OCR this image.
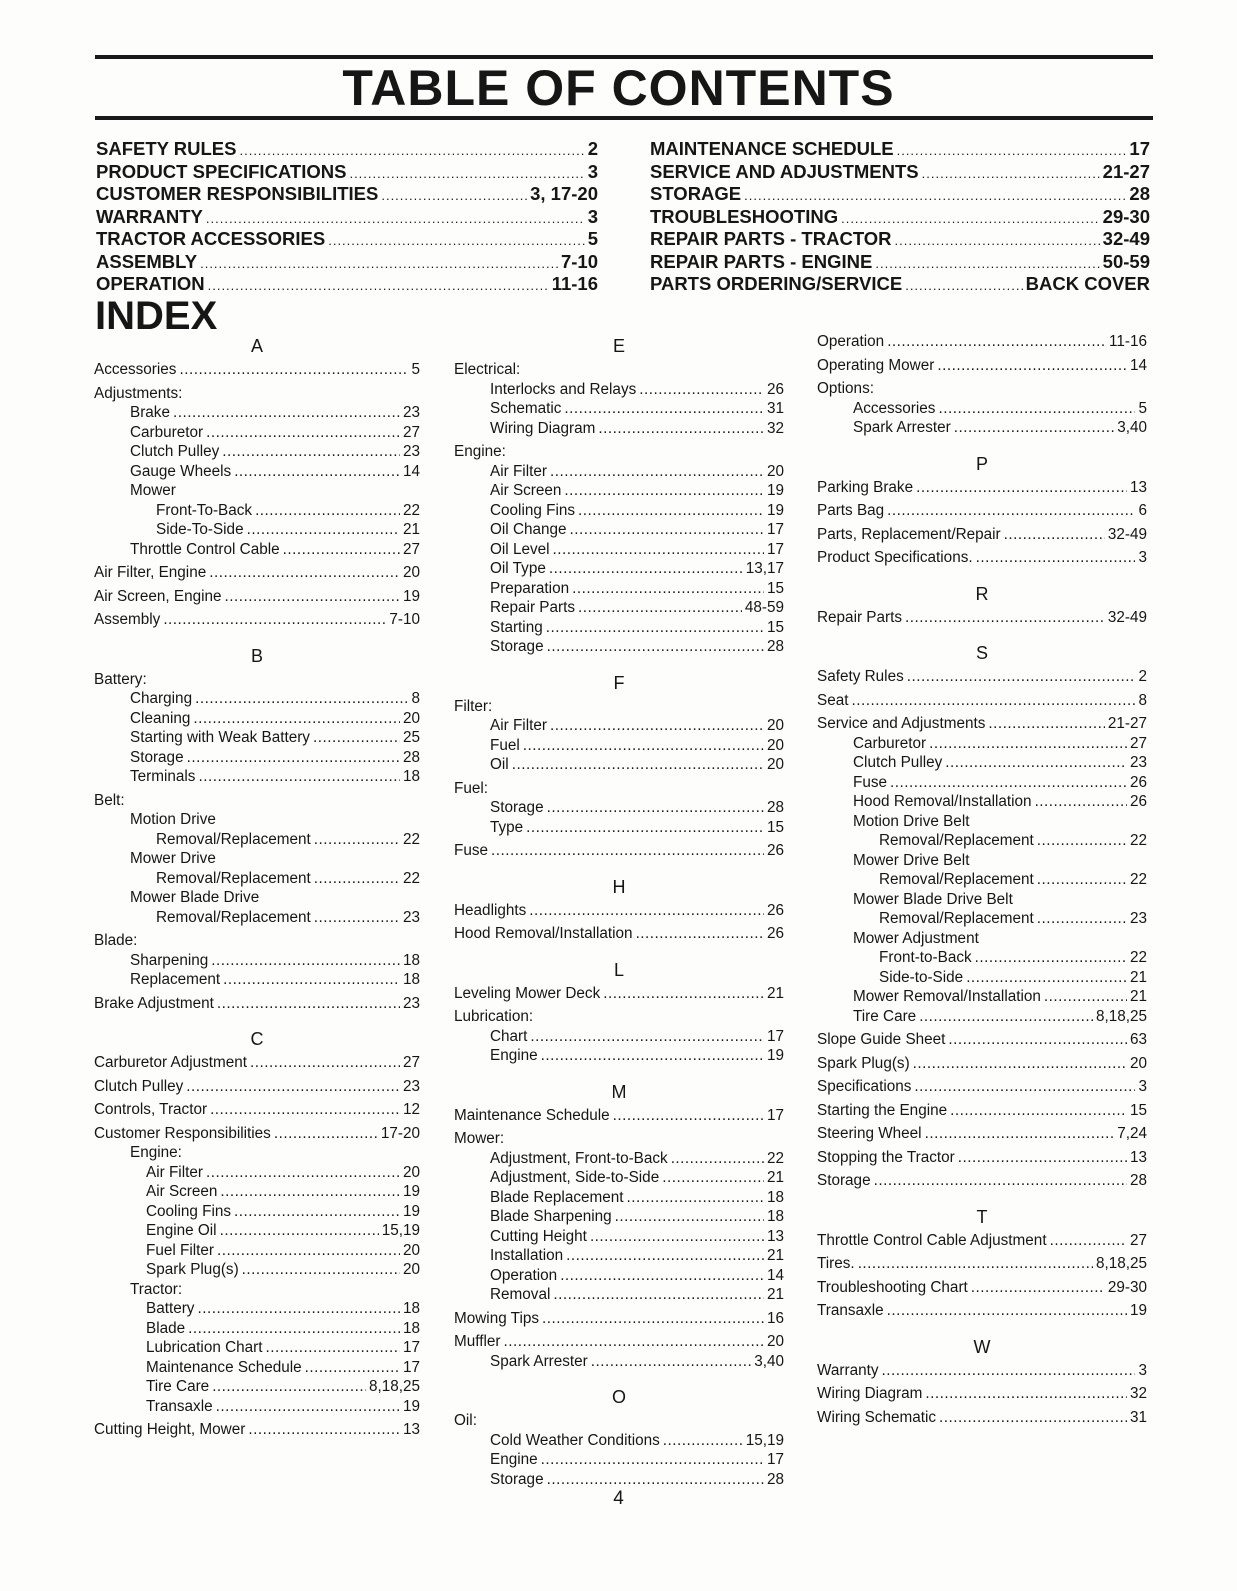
TABLE OF CONTENTS
SAFETY RULES .....	2
PRODUCT SPECIFICATIONS .....	3
CUSTOMER RESPONSIBILITIES .....	3, 17-20
WARRANTY .....	3
TRACTOR ACCESSORIES .....	5
ASSEMBLY .....	7-10
OPERATION .....	11-16
MAINTENANCE SCHEDULE .....	17
SERVICE AND ADJUSTMENTS .....	21-27
STORAGE .....	28
TROUBLESHOOTING .....	29-30
REPAIR PARTS - TRACTOR .....	32-49
REPAIR PARTS - ENGINE .....	50-59
PARTS ORDERING/SERVICE .....	BACK COVER
INDEX
A
Accessories .....	5
Adjustments:
Brake .....	23
Carburetor .....	27
Clutch Pulley .....	23
Gauge Wheels .....	14
Mower
Front-To-Back .....	22
Side-To-Side .....	21
Throttle Control Cable .....	27
Air Filter, Engine .....	20
Air Screen, Engine .....	19
Assembly .....	7-10
B
Battery:
Charging .....	8
Cleaning .....	20
Starting with Weak Battery .....	25
Storage .....	28
Terminals .....	18
Belt:
Motion Drive
Removal/Replacement .....	22
Mower Drive
Removal/Replacement .....	22
Mower Blade Drive
Removal/Replacement .....	23
Blade:
Sharpening .....	18
Replacement .....	18
Brake Adjustment .....	23
C
Carburetor Adjustment .....	27
Clutch Pulley .....	23
Controls, Tractor .....	12
Customer Responsibilities .....	17-20
Engine:
Air Filter .....	20
Air Screen .....	19
Cooling Fins .....	19
Engine Oil .....	15,19
Fuel Filter .....	20
Spark Plug(s) .....	20
Tractor:
Battery .....	18
Blade .....	18
Lubrication Chart .....	17
Maintenance Schedule .....	17
Tire Care .....	8,18,25
Transaxle .....	19
Cutting Height, Mower .....	13
E
Electrical:
Interlocks and Relays .....	26
Schematic .....	31
Wiring Diagram .....	32
Engine:
Air Filter .....	20
Air Screen .....	19
Cooling Fins .....	19
Oil Change .....	17
Oil Level .....	17
Oil Type .....	13,17
Preparation .....	15
Repair Parts .....	48-59
Starting .....	15
Storage .....	28
F
Filter:
Air Filter .....	20
Fuel .....	20
Oil .....	20
Fuel:
Storage .....	28
Type .....	15
Fuse .....	26
H
Headlights .....	26
Hood Removal/Installation .....	26
L
Leveling Mower Deck .....	21
Lubrication:
Chart .....	17
Engine .....	19
M
Maintenance Schedule .....	17
Mower:
Adjustment, Front-to-Back .....	22
Adjustment, Side-to-Side .....	21
Blade Replacement .....	18
Blade Sharpening .....	18
Cutting Height .....	13
Installation .....	21
Operation .....	14
Removal .....	21
Mowing Tips .....	16
Muffler .....	20
Spark Arrester .....	3,40
O
Oil:
Cold Weather Conditions .....	15,19
Engine .....	17
Storage .....	28
Operation .....	11-16
Operating Mower .....	14
Options:
Accessories .....	5
Spark Arrester .....	3,40
P
Parking Brake .....	13
Parts Bag .....	6
Parts, Replacement/Repair .....	32-49
Product Specifications. .....	3
R
Repair Parts .....	32-49
S
Safety Rules .....	2
Seat .....	8
Service and Adjustments .....	21-27
Carburetor .....	27
Clutch Pulley .....	23
Fuse .....	26
Hood Removal/Installation .....	26
Motion Drive Belt
Removal/Replacement .....	22
Mower Drive Belt
Removal/Replacement .....	22
Mower Blade Drive Belt
Removal/Replacement .....	23
Mower Adjustment
Front-to-Back .....	22
Side-to-Side .....	21
Mower Removal/Installation .....	21
Tire Care .....	8,18,25
Slope Guide Sheet .....	63
Spark Plug(s) .....	20
Specifications .....	3
Starting the Engine .....	15
Steering Wheel .....	7,24
Stopping the Tractor .....	13
Storage .....	28
T
Throttle Control Cable Adjustment .....	27
Tires. .....	8,18,25
Troubleshooting Chart .....	29-30
Transaxle .....	19
W
Warranty .....	3
Wiring Diagram .....	32
Wiring Schematic .....	31
4
